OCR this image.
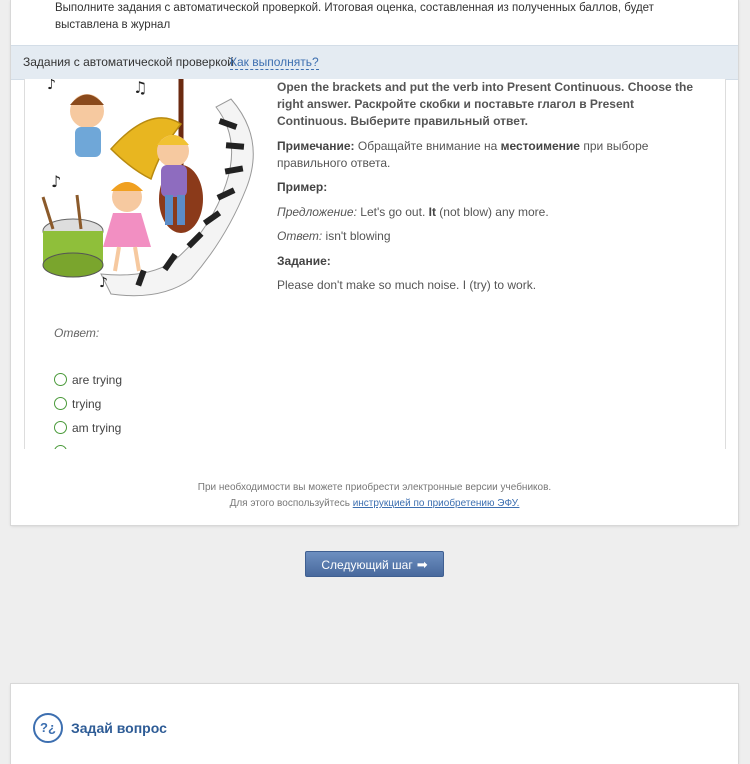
Выполните задания с автоматической проверкой. Итоговая оценка, составленная из полученных баллов, будет выставлена в журнал
Задания с автоматической проверкой
Как выполнять?
♪	♫
♪
♪

Open the brackets and put the verb into Present Continuous. Choose the right answer. Раскройте скобки и поставьте глагол в Present Continuous. Выберите правильный ответ.

Примечание: Обращайте внимание на местоимение при выборе правильного ответа.

Пример:

Предложение: Let's go out. It (not blow) any more.

Ответ: isn't blowing

Задание:

Please don't make so much noise. I (try) to work.

Ответ:
are trying
trying
am trying
При необходимости вы можете приобрести электронные версии учебников.
Для этого воспользуйтесь инструкцией по приобретению ЭФУ.
Следующий шаг ➡
?¿	Задай вопрос
